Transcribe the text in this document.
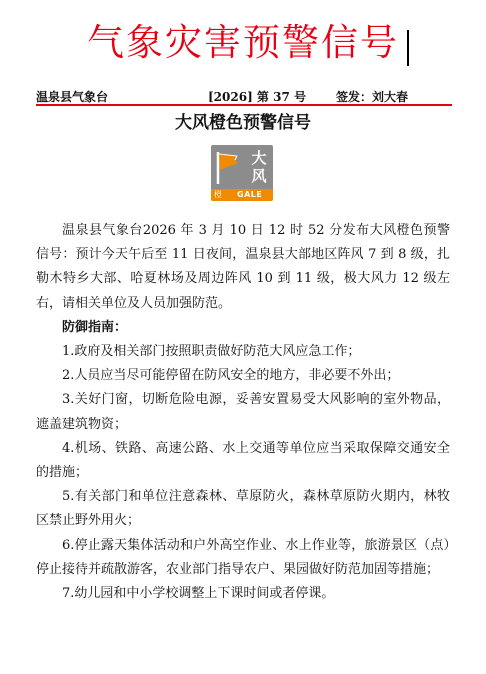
气象灾害预警信号
温泉县气象台	[2026] 第 37 号	签发：刘大春
大风橙色预警信号
大
风
橙 GALE

温泉县气象台2026 年 3 月 10 日 12 时 52 分发布大风橙色预警信号：预计今天午后至 11 日夜间，温泉县大部地区阵风 7 到 8 级，扎勒木特乡大部、哈夏林场及周边阵风 10 到 11 级，极大风力 12 级左右，请相关单位及人员加强防范。

防御指南：

1.政府及相关部门按照职责做好防范大风应急工作；

2.人员应当尽可能停留在防风安全的地方，非必要不外出；

3.关好门窗，切断危险电源，妥善安置易受大风影响的室外物品，遮盖建筑物资；

4.机场、铁路、高速公路、水上交通等单位应当采取保障交通安全的措施；

5.有关部门和单位注意森林、草原防火，森林草原防火期内，林牧区禁止野外用火；

6.停止露天集体活动和户外高空作业、水上作业等，旅游景区（点）停止接待并疏散游客，农业部门指导农户、果园做好防范加固等措施；

7.幼儿园和中小学校调整上下课时间或者停课。
